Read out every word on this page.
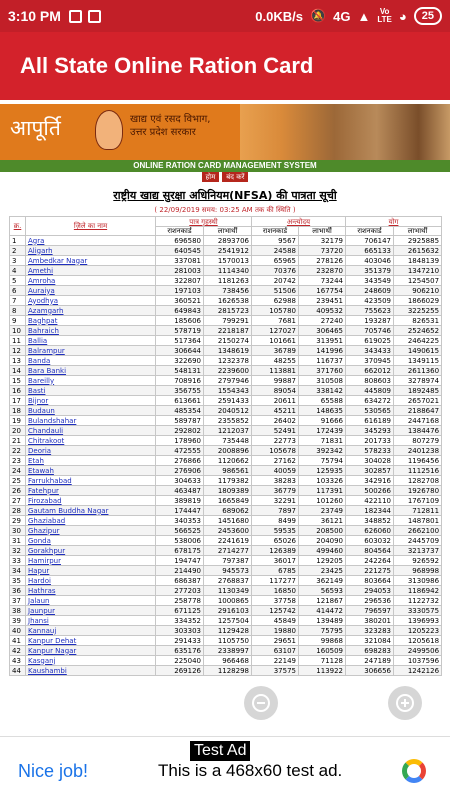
3:10 PM	0.0KB/s 🔕 4G ▲	Vo
LTE ◕	25
All State Online Ration Card
आपूर्ति	खाद्य एवं रसद विभाग,
उत्तर प्रदेश सरकार
ONLINE RATION CARD MANAGEMENT SYSTEM
होम	बंद करें
राष्ट्रीय खाद्य सुरक्षा अधिनियम(NFSA) की पात्रता सूची
( 22/09/2019 समय: 03:25 AM तक की स्थिति )
क्र.	ज़िले का नाम	पात्र गृहस्थी		अन्त्योदय		योग	
		राशनकार्ड	लाभार्थी	राशनकार्ड	लाभार्थी	राशनकार्ड	लाभार्थी
1	Agra	696580	2893706	9567	32179	706147	2925885
2	Aligarh	640545	2541912	24588	73720	665133	2615632
3	Ambedkar Nagar	337081	1570013	65965	278126	403046	1848139
4	Amethi	281003	1114340	70376	232870	351379	1347210
5	Amroha	322807	1181263	20742	73244	343549	1254507
6	Auraiya	197103	738456	51506	167754	248609	906210
7	Ayodhya	360521	1626538	62988	239451	423509	1866029
8	Azamgarh	649843	2815723	105780	409532	755623	3225255
9	Baghpat	185606	799291	7681	27240	193287	826531
10	Bahraich	578719	2218187	127027	306465	705746	2524652
11	Ballia	517364	2150274	101661	313951	619025	2464225
12	Balrampur	306644	1348619	36789	141996	343433	1490615
13	Banda	322690	1232378	48255	116737	370945	1349115
14	Bara Banki	548131	2239600	113881	371760	662012	2611360
15	Bareilly	708916	2797946	99887	310508	808603	3278974
16	Basti	356755	1554343	89054	338142	445809	1892485
17	Bijnor	613661	2591433	20611	65588	634272	2657021
18	Budaun	485354	2040512	45211	148635	530565	2188647
19	Bulandshahar	589787	2355852	26402	91666	616189	2447168
20	Chandauli	292802	1212037	52491	172439	345293	1384476
21	Chitrakoot	178960	735448	22773	71831	201733	807279
22	Deoria	472555	2008896	105678	392342	578233	2401238
23	Etah	276866	1120662	27162	75794	304028	1196456
24	Etawah	276906	986561	40059	125935	302857	1112516
25	Farrukhabad	304633	1179382	38283	103326	342916	1282708
26	Fatehpur	463487	1809389	36779	117391	500266	1926780
27	Firozabad	389819	1665849	32291	101260	422110	1767109
28	Gautam Buddha Nagar	174447	689062	7897	23749	182344	712811
29	Ghaziabad	340353	1451680	8499	36121	348852	1487801
30	Ghazipur	566525	2453600	59535	208500	626060	2662100
31	Gonda	538006	2241619	65026	204090	603032	2445709
32	Gorakhpur	678175	2714277	126389	499460	804564	3213737
33	Hamirpur	194747	797387	36017	129205	242264	926592
34	Hapur	214490	945573	6785	23425	221275	968998
35	Hardoi	686387	2768837	117277	362149	803664	3130986
36	Hathras	277203	1130349	16850	56593	294053	1186942
37	Jalaun	258778	1000865	37758	121867	296536	1122732
38	Jaunpur	671125	2916103	125742	414472	796597	3330575
39	Jhansi	334352	1257504	45849	139489	380201	1396993
40	Kannauj	303303	1129428	19880	75795	323283	1205223
41	Kanpur Dehat	291433	1105750	29651	99868	321084	1205618
42	Kanpur Nagar	635176	2338997	63107	160509	698283	2499506
43	Kasganj	225040	966468	22149	71128	247189	1037596
44	Kaushambi	269126	1128298	37575	113922	306656	1242126
Test Ad
Nice job!	This is a 468x60 test ad.
